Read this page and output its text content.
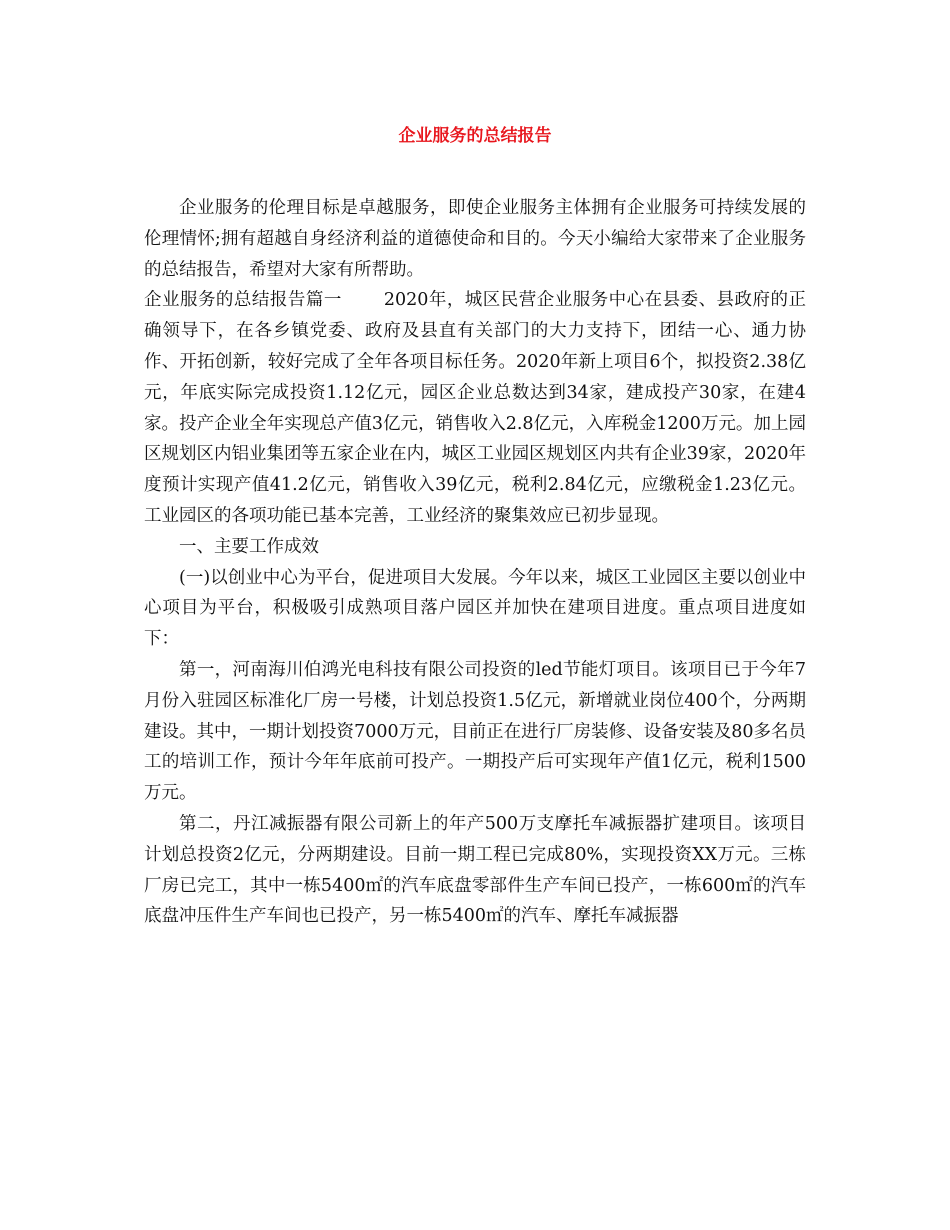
企业服务的总结报告

企业服务的伦理目标是卓越服务，即使企业服务主体拥有企业服务可持续发展的伦理情怀;拥有超越自身经济利益的道德使命和目的。今天小编给大家带来了企业服务的总结报告，希望对大家有所帮助。

企业服务的总结报告篇一 2020年，城区民营企业服务中心在县委、县政府的正确领导下，在各乡镇党委、政府及县直有关部门的大力支持下，团结一心、通力协作、开拓创新，较好完成了全年各项目标任务。2020年新上项目6个，拟投资2.38亿元，年底实际完成投资1.12亿元，园区企业总数达到34家，建成投产30家，在建4家。投产企业全年实现总产值3亿元，销售收入2.8亿元，入库税金1200万元。加上园区规划区内铝业集团等五家企业在内，城区工业园区规划区内共有企业39家，2020年度预计实现产值41.2亿元，销售收入39亿元，税利2.84亿元，应缴税金1.23亿元。工业园区的各项功能已基本完善，工业经济的聚集效应已初步显现。

一、主要工作成效

(一)以创业中心为平台，促进项目大发展。今年以来，城区工业园区主要以创业中心项目为平台，积极吸引成熟项目落户园区并加快在建项目进度。重点项目进度如下：

第一，河南海川伯鸿光电科技有限公司投资的led节能灯项目。该项目已于今年7月份入驻园区标准化厂房一号楼，计划总投资1.5亿元，新增就业岗位400个，分两期建设。其中，一期计划投资7000万元，目前正在进行厂房装修、设备安装及80多名员工的培训工作，预计今年年底前可投产。一期投产后可实现年产值1亿元，税利1500万元。

第二，丹江减振器有限公司新上的年产500万支摩托车减振器扩建项目。该项目计划总投资2亿元，分两期建设。目前一期工程已完成80%，实现投资XX万元。三栋厂房已完工，其中一栋5400㎡的汽车底盘零部件生产车间已投产，一栋600㎡的汽车底盘冲压件生产车间也已投产，另一栋5400㎡的汽车、摩托车减振器
